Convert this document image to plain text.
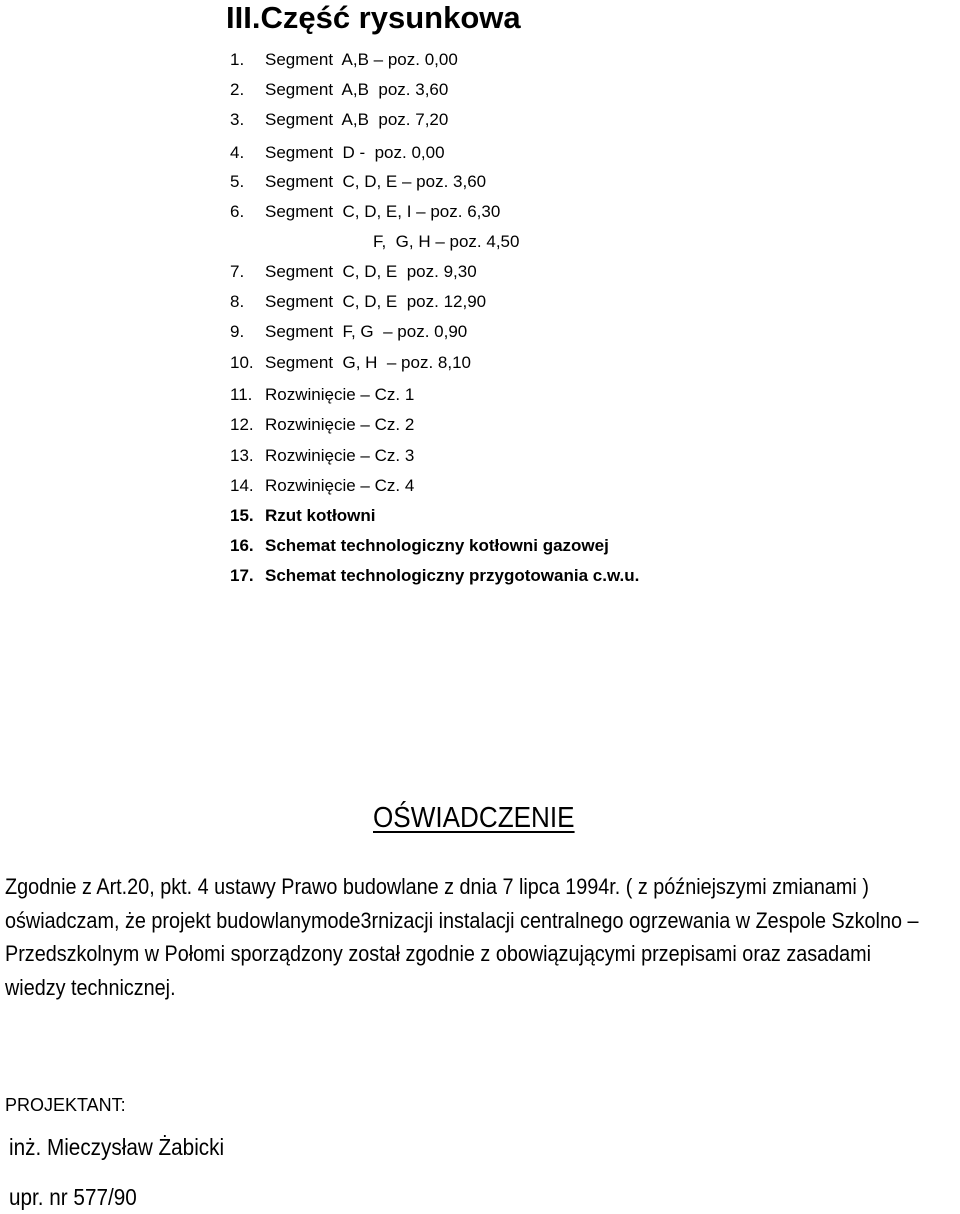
III.Część rysunkowa
1. Segment  A,B – poz. 0,00
2. Segment  A,B  poz. 3,60
3. Segment  A,B  poz. 7,20
4. Segment  D -  poz. 0,00
5. Segment  C, D, E – poz. 3,60
6. Segment  C, D, E, I – poz. 6,30
F,  G, H – poz. 4,50
7. Segment  C, D, E  poz. 9,30
8. Segment  C, D, E  poz. 12,90
9. Segment  F, G  – poz. 0,90
10. Segment  G, H  – poz. 8,10
11. Rozwinięcie – Cz. 1
12. Rozwinięcie – Cz. 2
13. Rozwinięcie – Cz. 3
14. Rozwinięcie – Cz. 4
15. Rzut kotłowni
16. Schemat technologiczny kotłowni gazowej
17. Schemat technologiczny przygotowania c.w.u.
OŚWIADCZENIE

Zgodnie z Art.20, pkt. 4 ustawy Prawo budowlane z dnia 7 lipca 1994r. ( z późniejszymi zmianami )
oświadczam, że projekt budowlanymode3rnizacji instalacji centralnego ogrzewania w Zespole Szkolno –
Przedszkolnym w Połomi sporządzony został zgodnie z obowiązującymi przepisami oraz zasadami
wiedzy technicznej.

PROJEKTANT:
inż. Mieczysław Żabicki
upr. nr 577/90
